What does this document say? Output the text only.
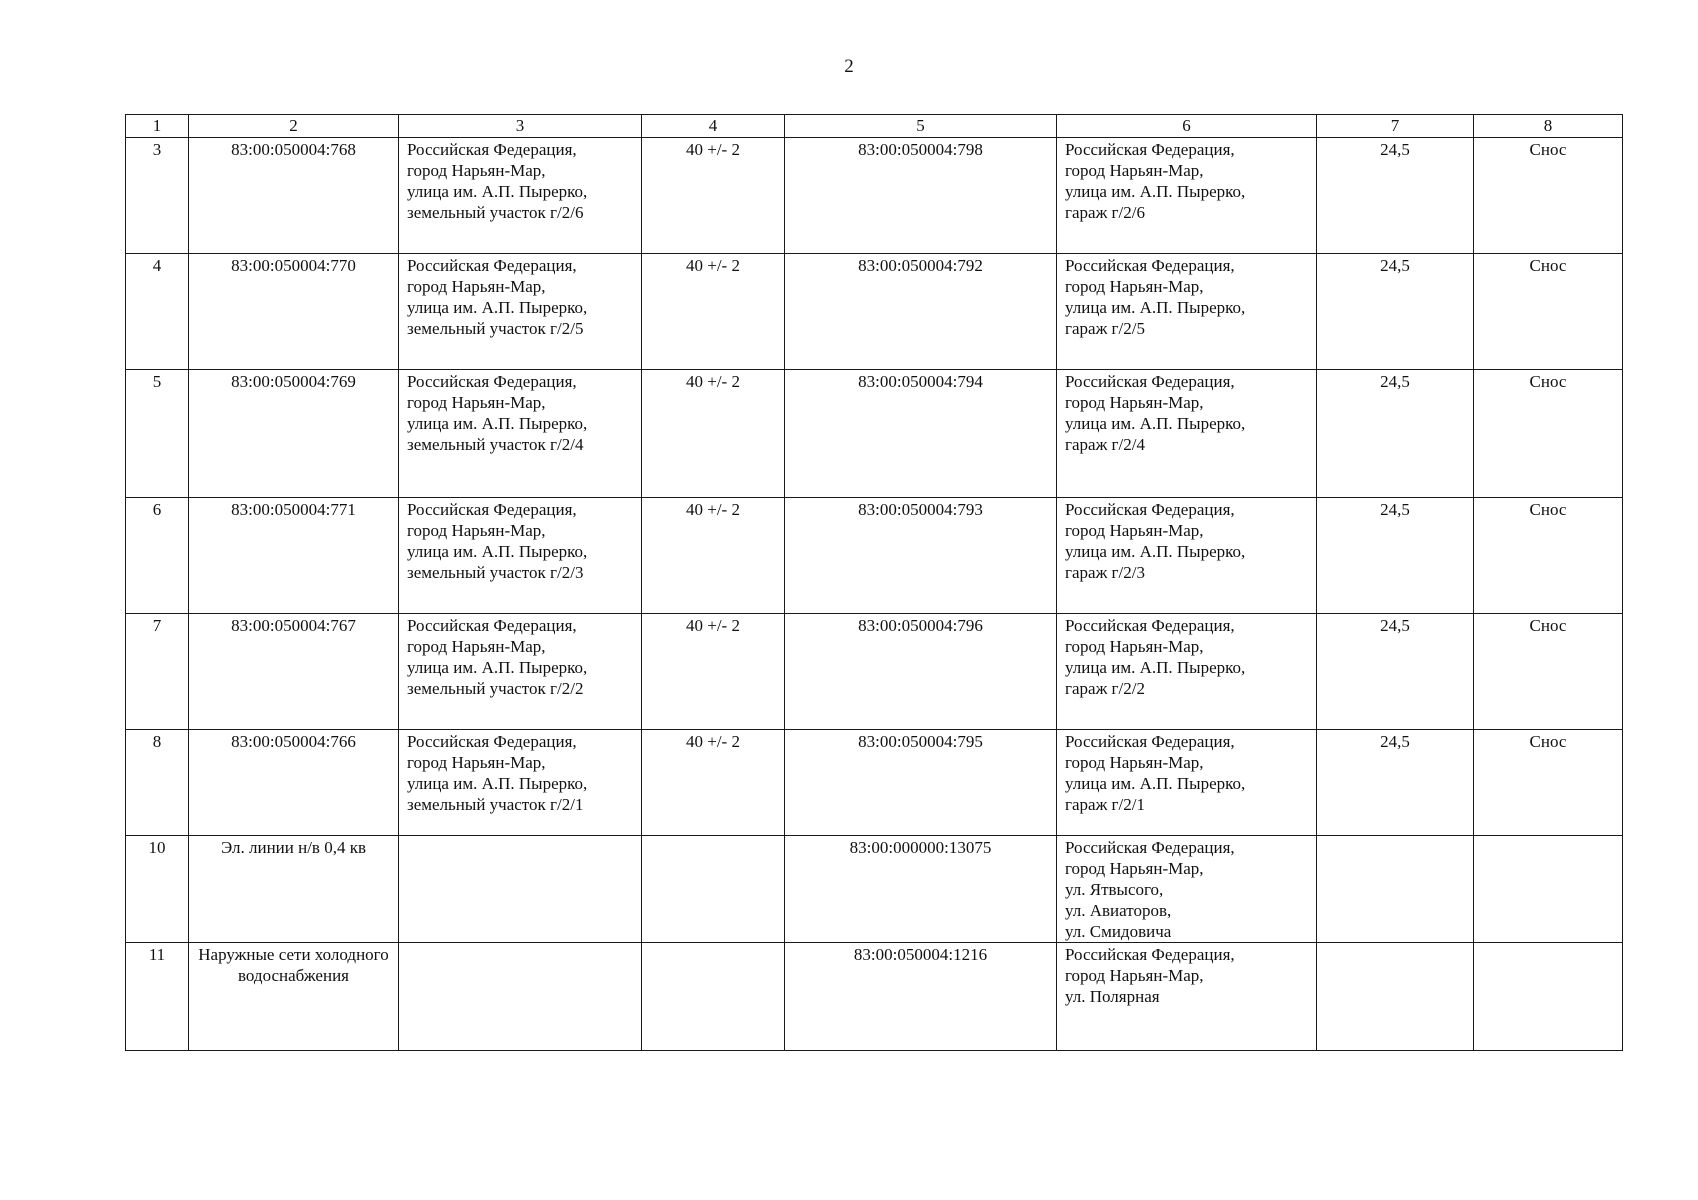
2
1	2	3	4	5	6	7	8
3	83:00:050004:768	Российская Федерация,
город Нарьян-Мар,
улица им. А.П. Пырерко,
земельный участок г/2/6	40 +/- 2	83:00:050004:798	Российская Федерация,
город Нарьян-Мар,
улица им. А.П. Пырерко,
гараж г/2/6	24,5	Снос
4	83:00:050004:770	Российская Федерация,
город Нарьян-Мар,
улица им. А.П. Пырерко,
земельный участок г/2/5	40 +/- 2	83:00:050004:792	Российская Федерация,
город Нарьян-Мар,
улица им. А.П. Пырерко,
гараж г/2/5	24,5	Снос
5	83:00:050004:769	Российская Федерация,
город Нарьян-Мар,
улица им. А.П. Пырерко,
земельный участок г/2/4	40 +/- 2	83:00:050004:794	Российская Федерация,
город Нарьян-Мар,
улица им. А.П. Пырерко,
гараж г/2/4	24,5	Снос
6	83:00:050004:771	Российская Федерация,
город Нарьян-Мар,
улица им. А.П. Пырерко,
земельный участок г/2/3	40 +/- 2	83:00:050004:793	Российская Федерация,
город Нарьян-Мар,
улица им. А.П. Пырерко,
гараж г/2/3	24,5	Снос
7	83:00:050004:767	Российская Федерация,
город Нарьян-Мар,
улица им. А.П. Пырерко,
земельный участок г/2/2	40 +/- 2	83:00:050004:796	Российская Федерация,
город Нарьян-Мар,
улица им. А.П. Пырерко,
гараж г/2/2	24,5	Снос
8	83:00:050004:766	Российская Федерация,
город Нарьян-Мар,
улица им. А.П. Пырерко,
земельный участок г/2/1	40 +/- 2	83:00:050004:795	Российская Федерация,
город Нарьян-Мар,
улица им. А.П. Пырерко,
гараж г/2/1	24,5	Снос
10	Эл. линии н/в 0,4 кв			83:00:000000:13075	Российская Федерация,
город Нарьян-Мар,
ул. Ятвысого,
ул. Авиаторов,
ул. Смидовича		

11	Наружные сети холодного водоснабжения			83:00:050004:1216	Российская Федерация,
город Нарьян-Мар,
ул. Полярная		
